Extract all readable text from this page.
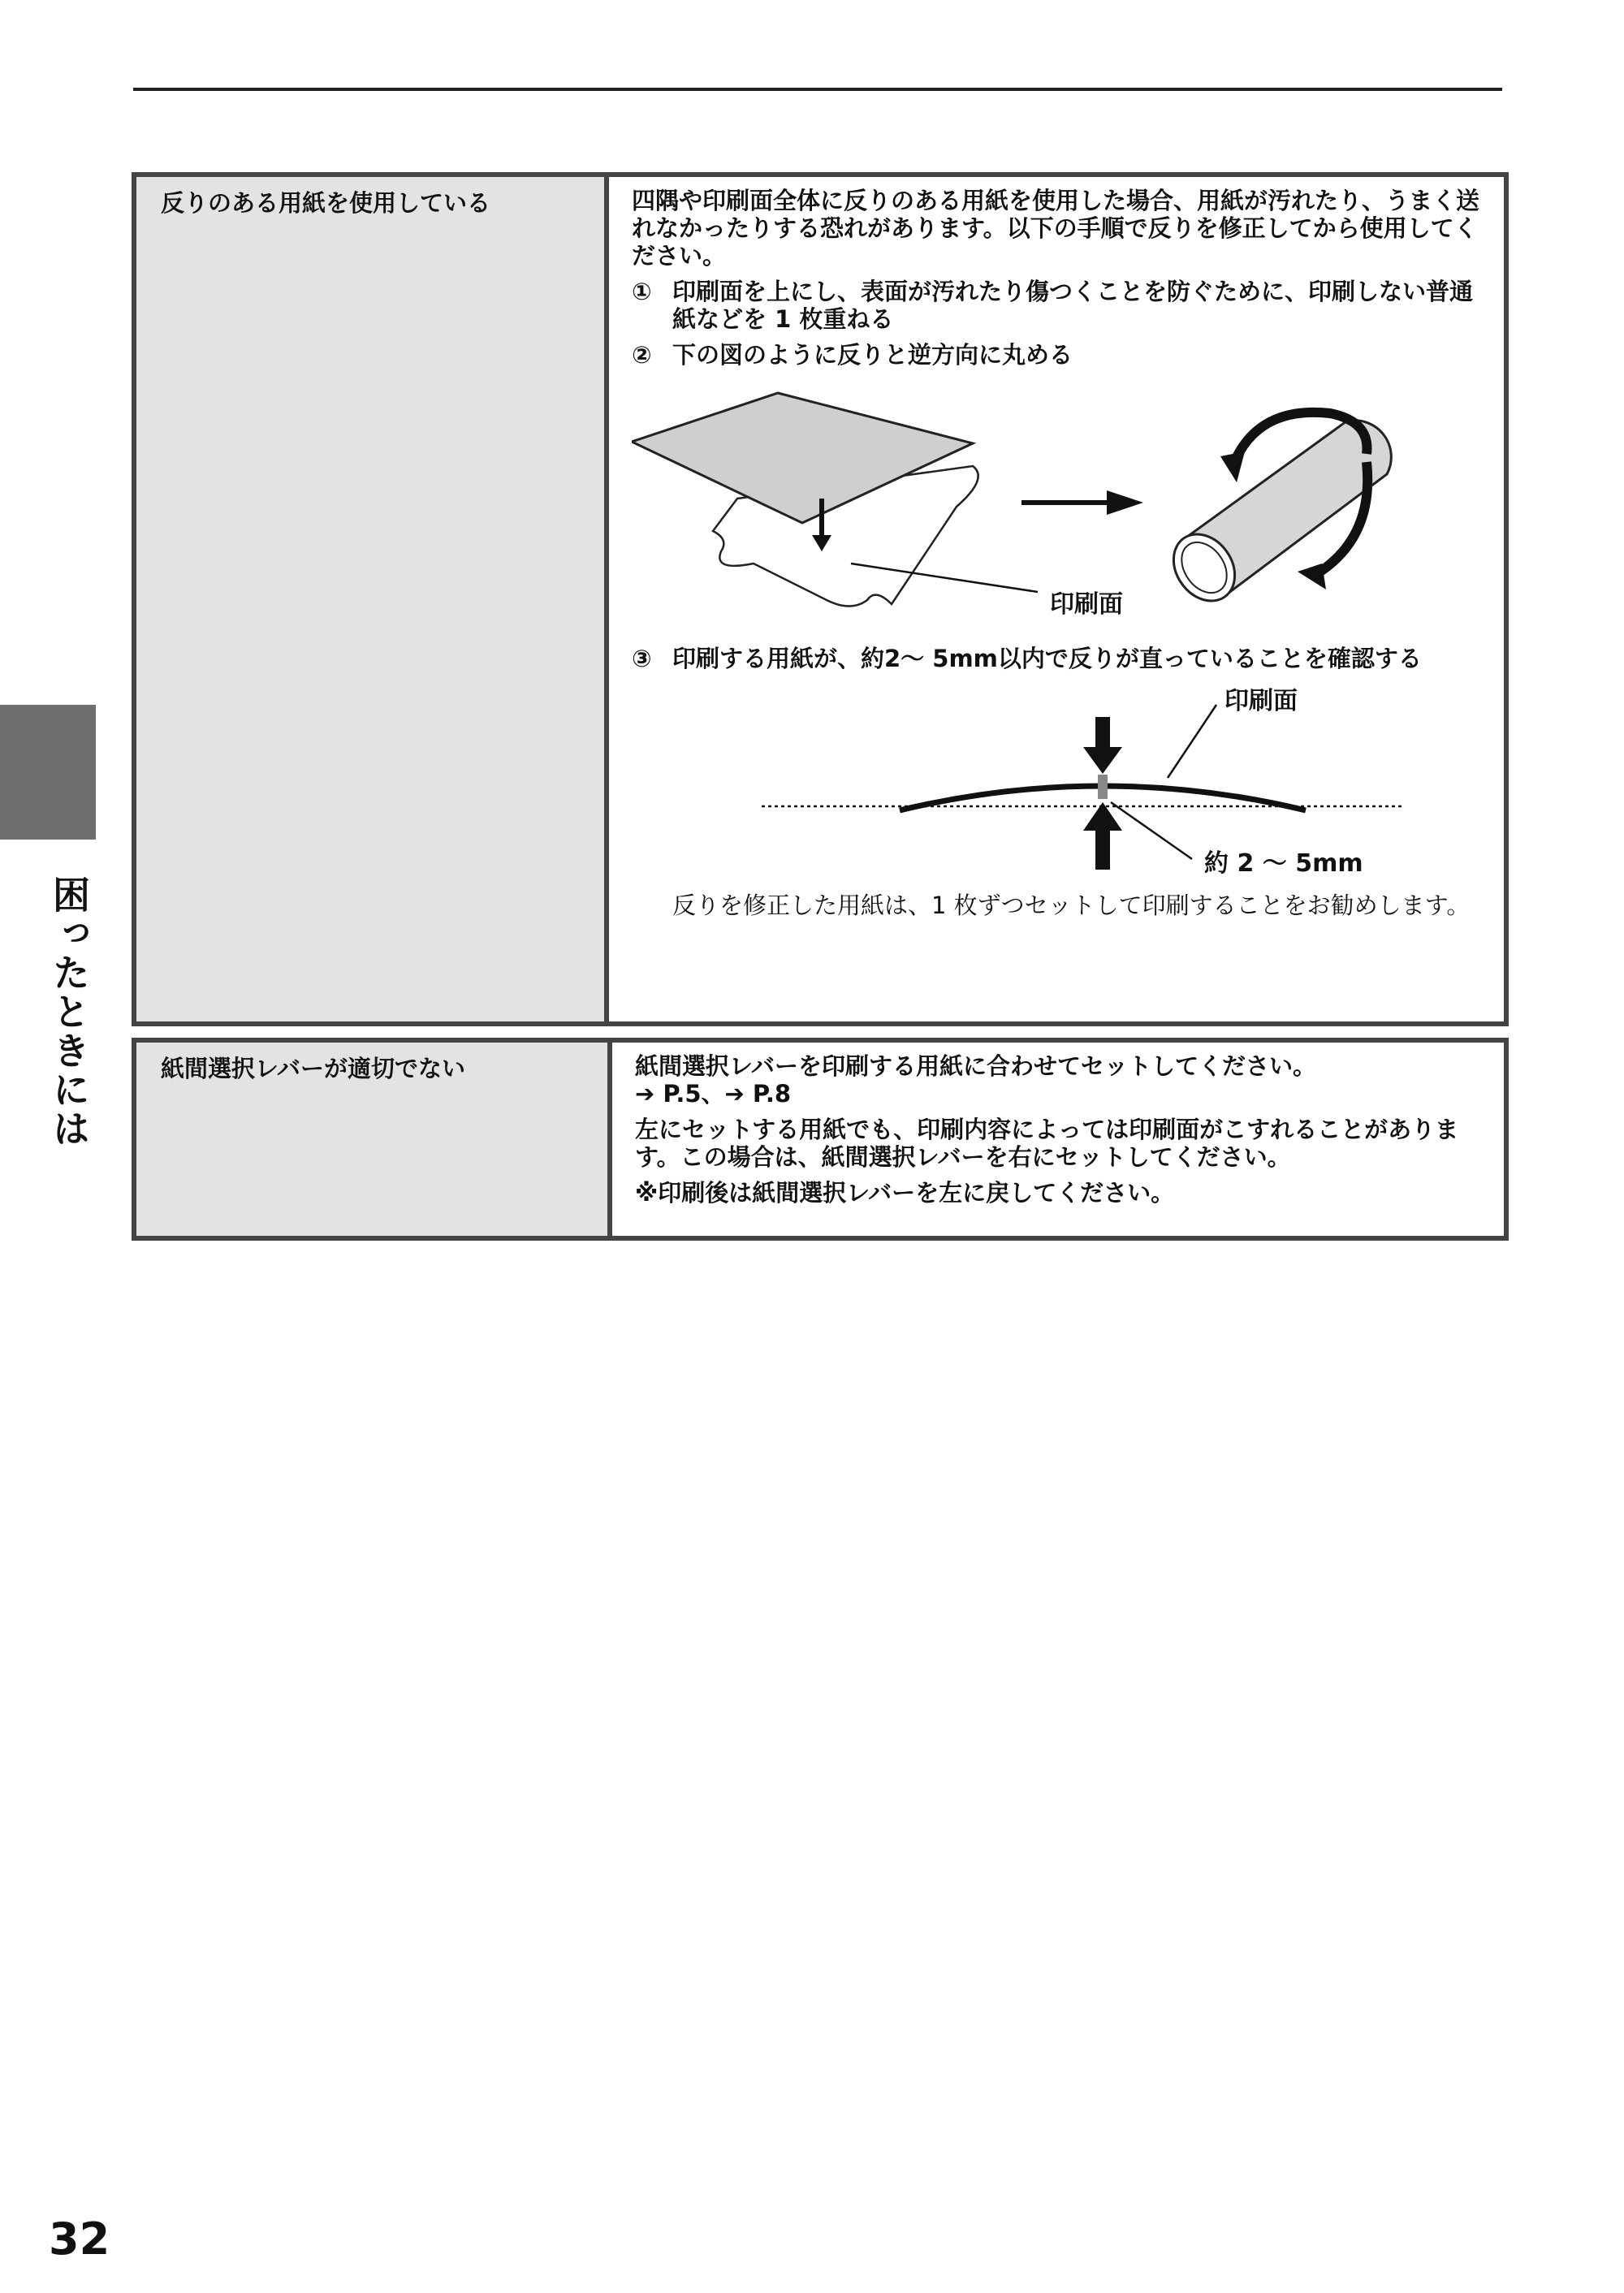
困ったときには
反りのある用紙を使用している	四隅や印刷面全体に反りのある用紙を使用した場合、用紙が汚れたり、うまく送れなかったりする恐れがあります。以下の手順で反りを修正してから使用してください。

① 印刷面を上にし、表面が汚れたり傷つくことを防ぐために、印刷しない普通紙などを 1 枚重ねる
② 下の図のように反りと逆方向に丸める
印刷面
③ 印刷する用紙が、約2～ 5mm以内で反りが直っていることを確認する
印刷面
約 2 ～ 5mm

反りを修正した用紙は、1 枚ずつセットして印刷することをお勧めします。

紙間選択レバーが適切でない	紙間選択レバーを印刷する用紙に合わせてセットしてください。

➔ P.5、➔ P.8

左にセットする用紙でも、印刷内容によっては印刷面がこすれることがあります。この場合は、紙間選択レバーを右にセットしてください。

※印刷後は紙間選択レバーを左に戻してください。

32
